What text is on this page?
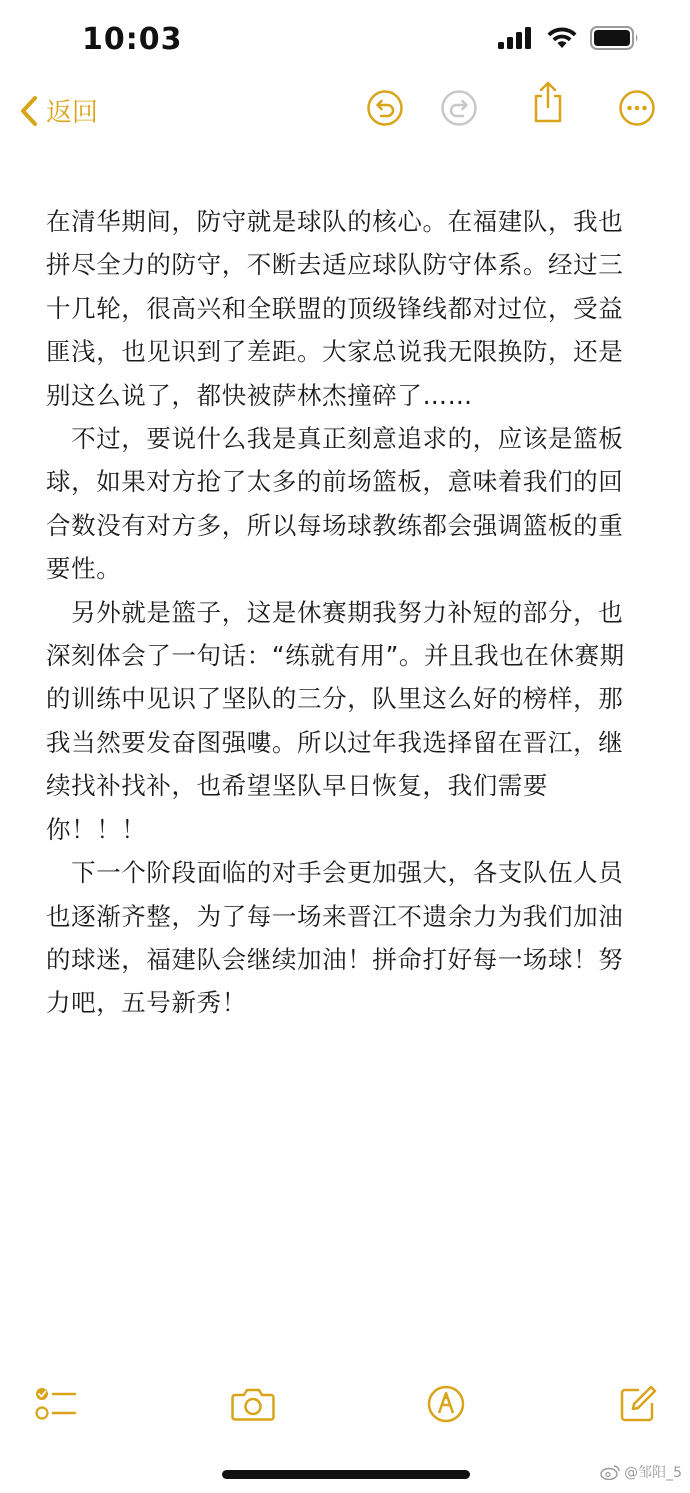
10:03
返回

在清华期间，防守就是球队的核心。在福建队，我也拼尽全力的防守，不断去适应球队防守体系。经过三十几轮，很高兴和全联盟的顶级锋线都对过位，受益匪浅，也见识到了差距。大家总说我无限换防，还是别这么说了，都快被萨林杰撞碎了……

　不过，要说什么我是真正刻意追求的，应该是篮板球，如果对方抢了太多的前场篮板，意味着我们的回合数没有对方多，所以每场球教练都会强调篮板的重要性。

　另外就是篮子，这是休赛期我努力补短的部分，也深刻体会了一句话：“练就有用”。并且我也在休赛期的训练中见识了坚队的三分，队里这么好的榜样，那我当然要发奋图强嘍。所以过年我选择留在晋江，继续找补找补，也希望坚队早日恢复，我们需要你！！！

　下一个阶段面临的对手会更加强大，各支队伍人员也逐渐齐整，为了每一场来晋江不遗余力为我们加油的球迷，福建队会继续加油！拼命打好每一场球！努力吧，五号新秀！

@邹阳_5
